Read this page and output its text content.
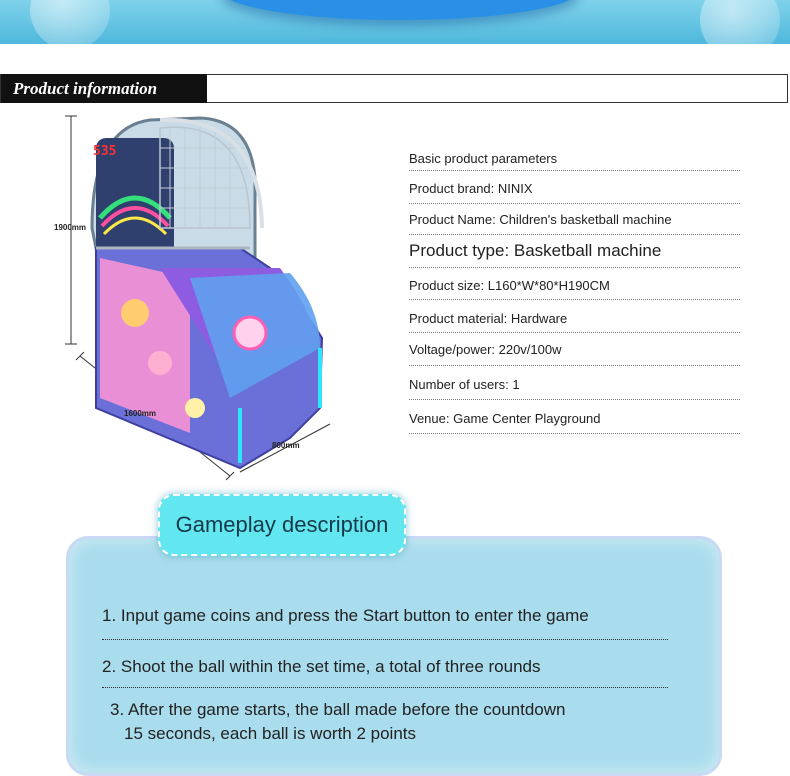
Product information
535
1900mm
1600mm
800mm
Basic product parameters
Product brand: NINIX
Product Name: Children's basketball machine
Product type: Basketball machine
Product size: L160*W*80*H190CM
Product material: Hardware
Voltage/power: 220v/100w
Number of users: 1
Venue: Game Center Playground
Gameplay description
1. Input game coins and press the Start button to enter the game
2. Shoot the ball within the set time, a total of three rounds
3. After the game starts, the ball made before the countdown
15 seconds, each ball is worth 2 points
